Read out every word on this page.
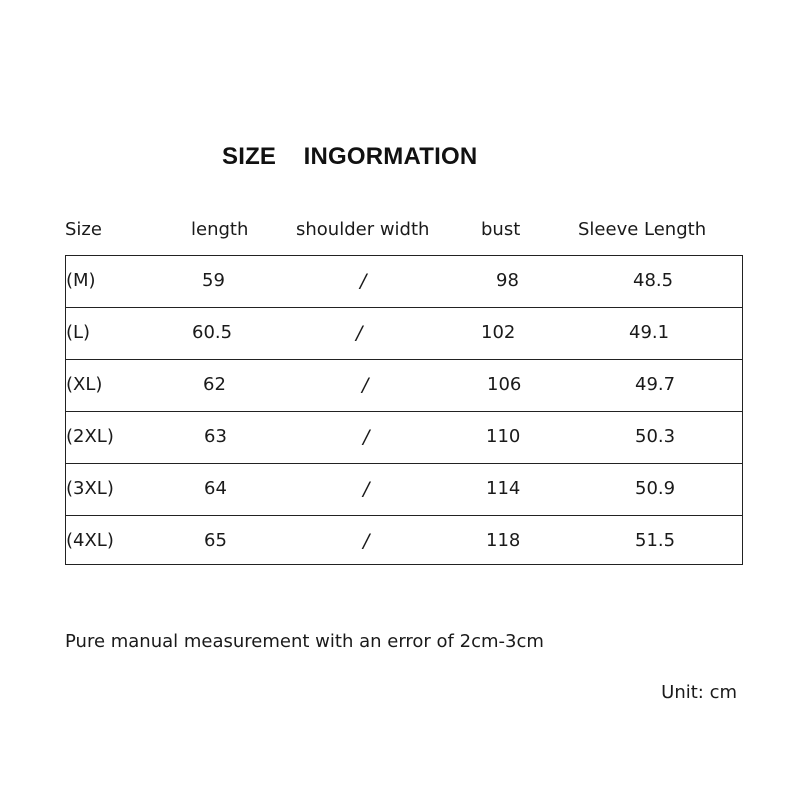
SIZE    INGORMATION
Size	length	shoulder width	bust	Sleeve Length
(M)	59	/	98	48.5
(L)	60.5	/	102	49.1
(XL)	62	/	106	49.7
(2XL)	63	/	110	50.3
(3XL)	64	/	114	50.9
(4XL)	65	/	118	51.5
Pure manual measurement with an error of 2cm-3cm
Unit: cm
